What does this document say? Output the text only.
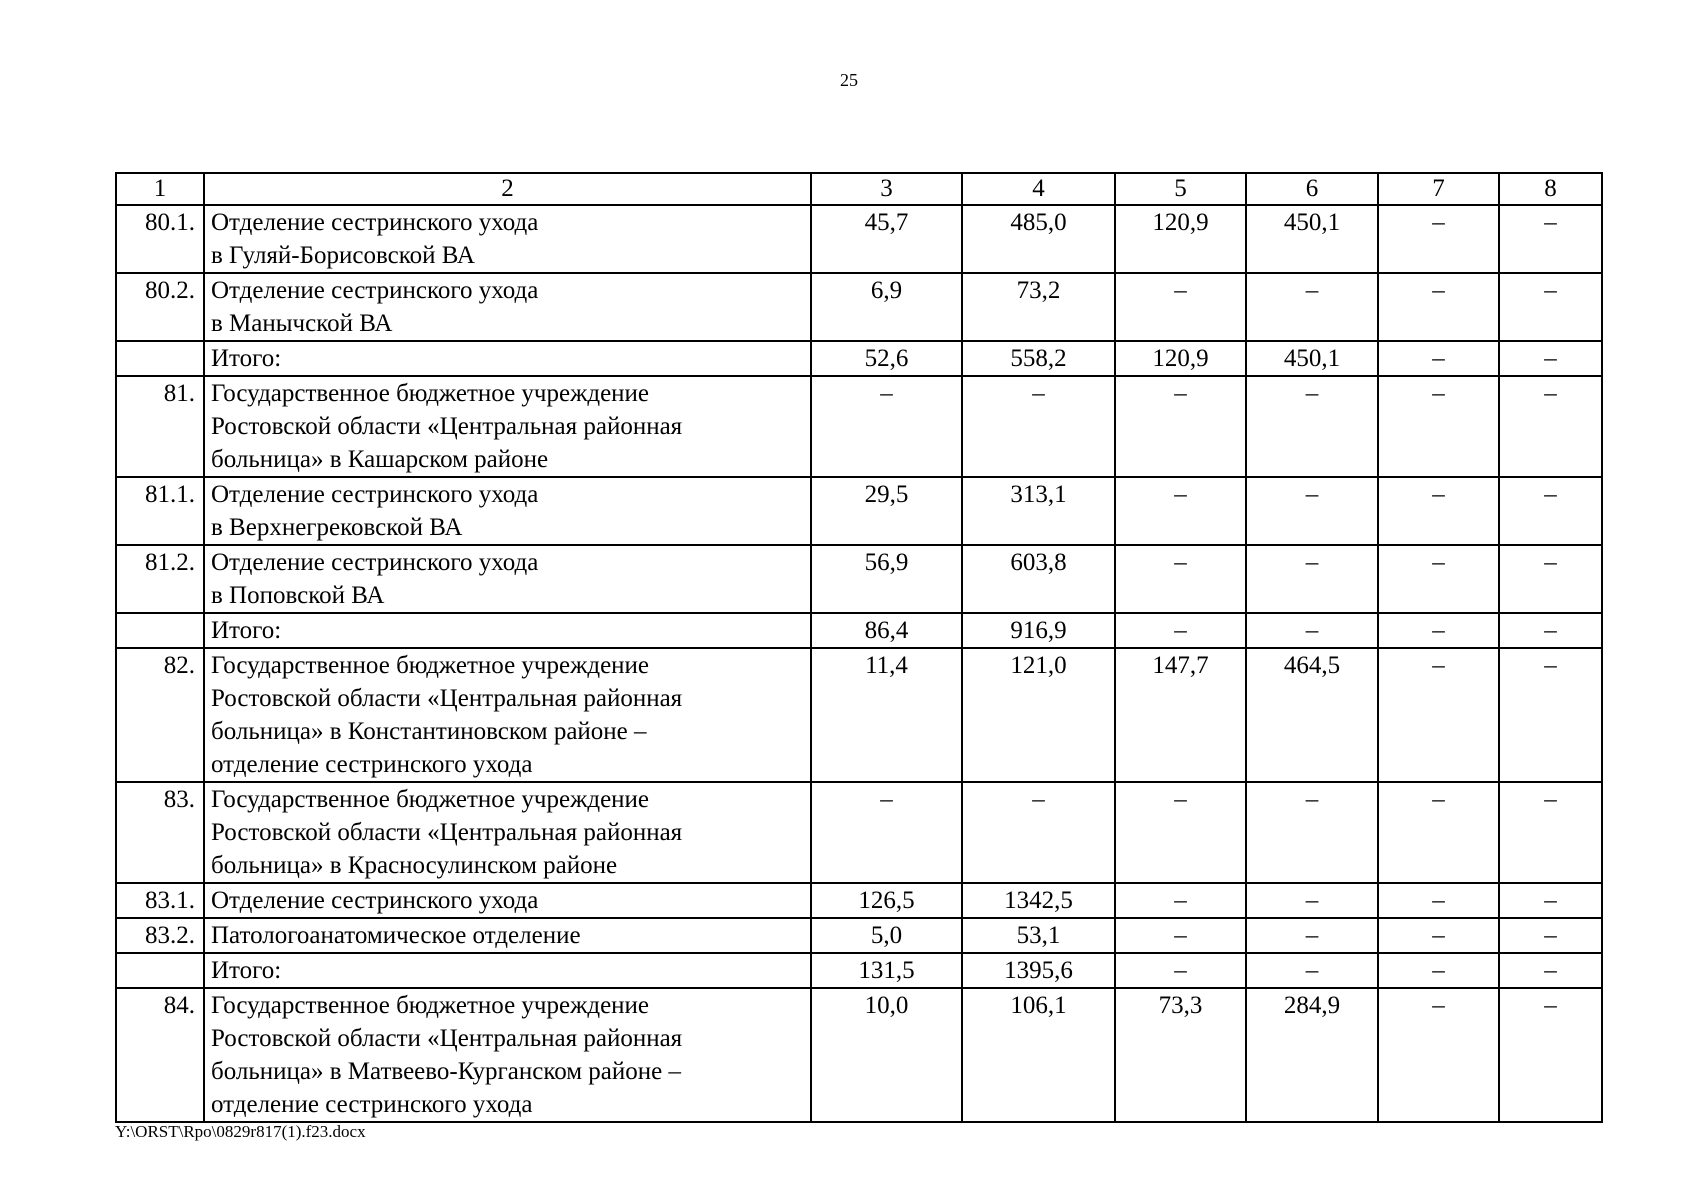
25
1	2	3	4	5	6	7	8
80.1.	Отделение сестринского ухода
в Гуляй-Борисовской ВА	45,7	485,0	120,9	450,1	–	–
80.2.	Отделение сестринского ухода
в Манычской ВА	6,9	73,2	–	–	–	–

	Итого:	52,6	558,2	120,9	450,1	–	–
81.	Государственное бюджетное учреждение
Ростовской области «Центральная районная
больница» в Кашарском районе	–	–	–	–	–	–
81.1.	Отделение сестринского ухода
в Верхнегрековской ВА	29,5	313,1	–	–	–	–
81.2.	Отделение сестринского ухода
в Поповской ВА	56,9	603,8	–	–	–	–

	Итого:	86,4	916,9	–	–	–	–
82.	Государственное бюджетное учреждение
Ростовской области «Центральная районная
больница» в Константиновском районе –
отделение сестринского ухода	11,4	121,0	147,7	464,5	–	–
83.	Государственное бюджетное учреждение
Ростовской области «Центральная районная
больница» в Красносулинском районе	–	–	–	–	–	–
83.1.	Отделение сестринского ухода	126,5	1342,5	–	–	–	–
83.2.	Патологоанатомическое отделение	5,0	53,1	–	–	–	–

	Итого:	131,5	1395,6	–	–	–	–
84.	Государственное бюджетное учреждение
Ростовской области «Центральная районная
больница» в Матвеево-Курганском районе –
отделение сестринского ухода	10,0	106,1	73,3	284,9	–	–
Y:\ORST\Rpo\0829r817(1).f23.docx
